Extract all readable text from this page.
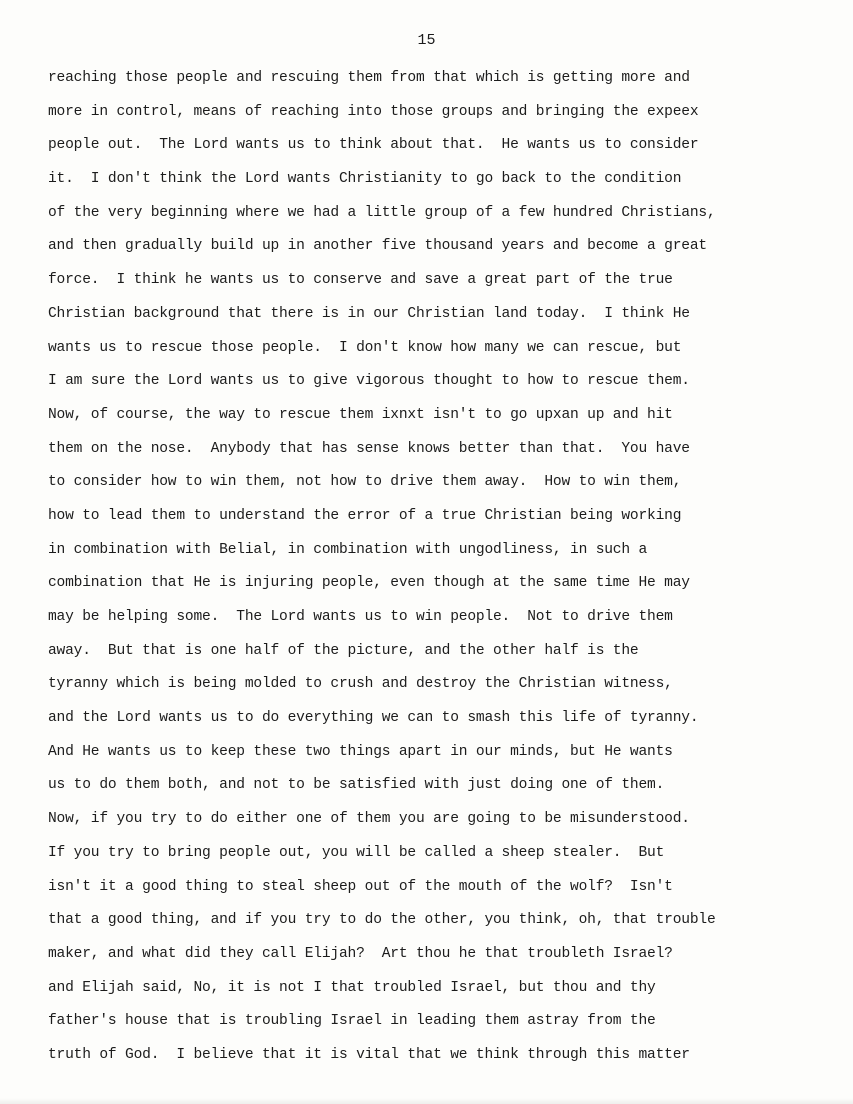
15
reaching those people and rescuing them from that which is getting more and
more in control, means of reaching into those groups and bringing the expeex
people out.  The Lord wants us to think about that.  He wants us to consider
it.  I don't think the Lord wants Christianity to go back to the condition
of the very beginning where we had a little group of a few hundred Christians,
and then gradually build up in another five thousand years and become a great
force.  I think he wants us to conserve and save a great part of the true
Christian background that there is in our Christian land today.  I think He
wants us to rescue those people.  I don't know how many we can rescue, but
I am sure the Lord wants us to give vigorous thought to how to rescue them.
Now, of course, the way to rescue them ixnxt isn't to go upxan up and hit
them on the nose.  Anybody that has sense knows better than that.  You have
to consider how to win them, not how to drive them away.  How to win them,
how to lead them to understand the error of a true Christian being working
in combination with Belial, in combination with ungodliness, in such a
combination that He is injuring people, even though at the same time He may
may be helping some.  The Lord wants us to win people.  Not to drive them
away.  But that is one half of the picture, and the other half is the
tyranny which is being molded to crush and destroy the Christian witness,
and the Lord wants us to do everything we can to smash this life of tyranny.
And He wants us to keep these two things apart in our minds, but He wants
us to do them both, and not to be satisfied with just doing one of them.
Now, if you try to do either one of them you are going to be misunderstood.
If you try to bring people out, you will be called a sheep stealer.  But
isn't it a good thing to steal sheep out of the mouth of the wolf?  Isn't
that a good thing, and if you try to do the other, you think, oh, that trouble
maker, and what did they call Elijah?  Art thou he that troubleth Israel?
and Elijah said, No, it is not I that troubled Israel, but thou and thy
father's house that is troubling Israel in leading them astray from the
truth of God.  I believe that it is vital that we think through this matter
